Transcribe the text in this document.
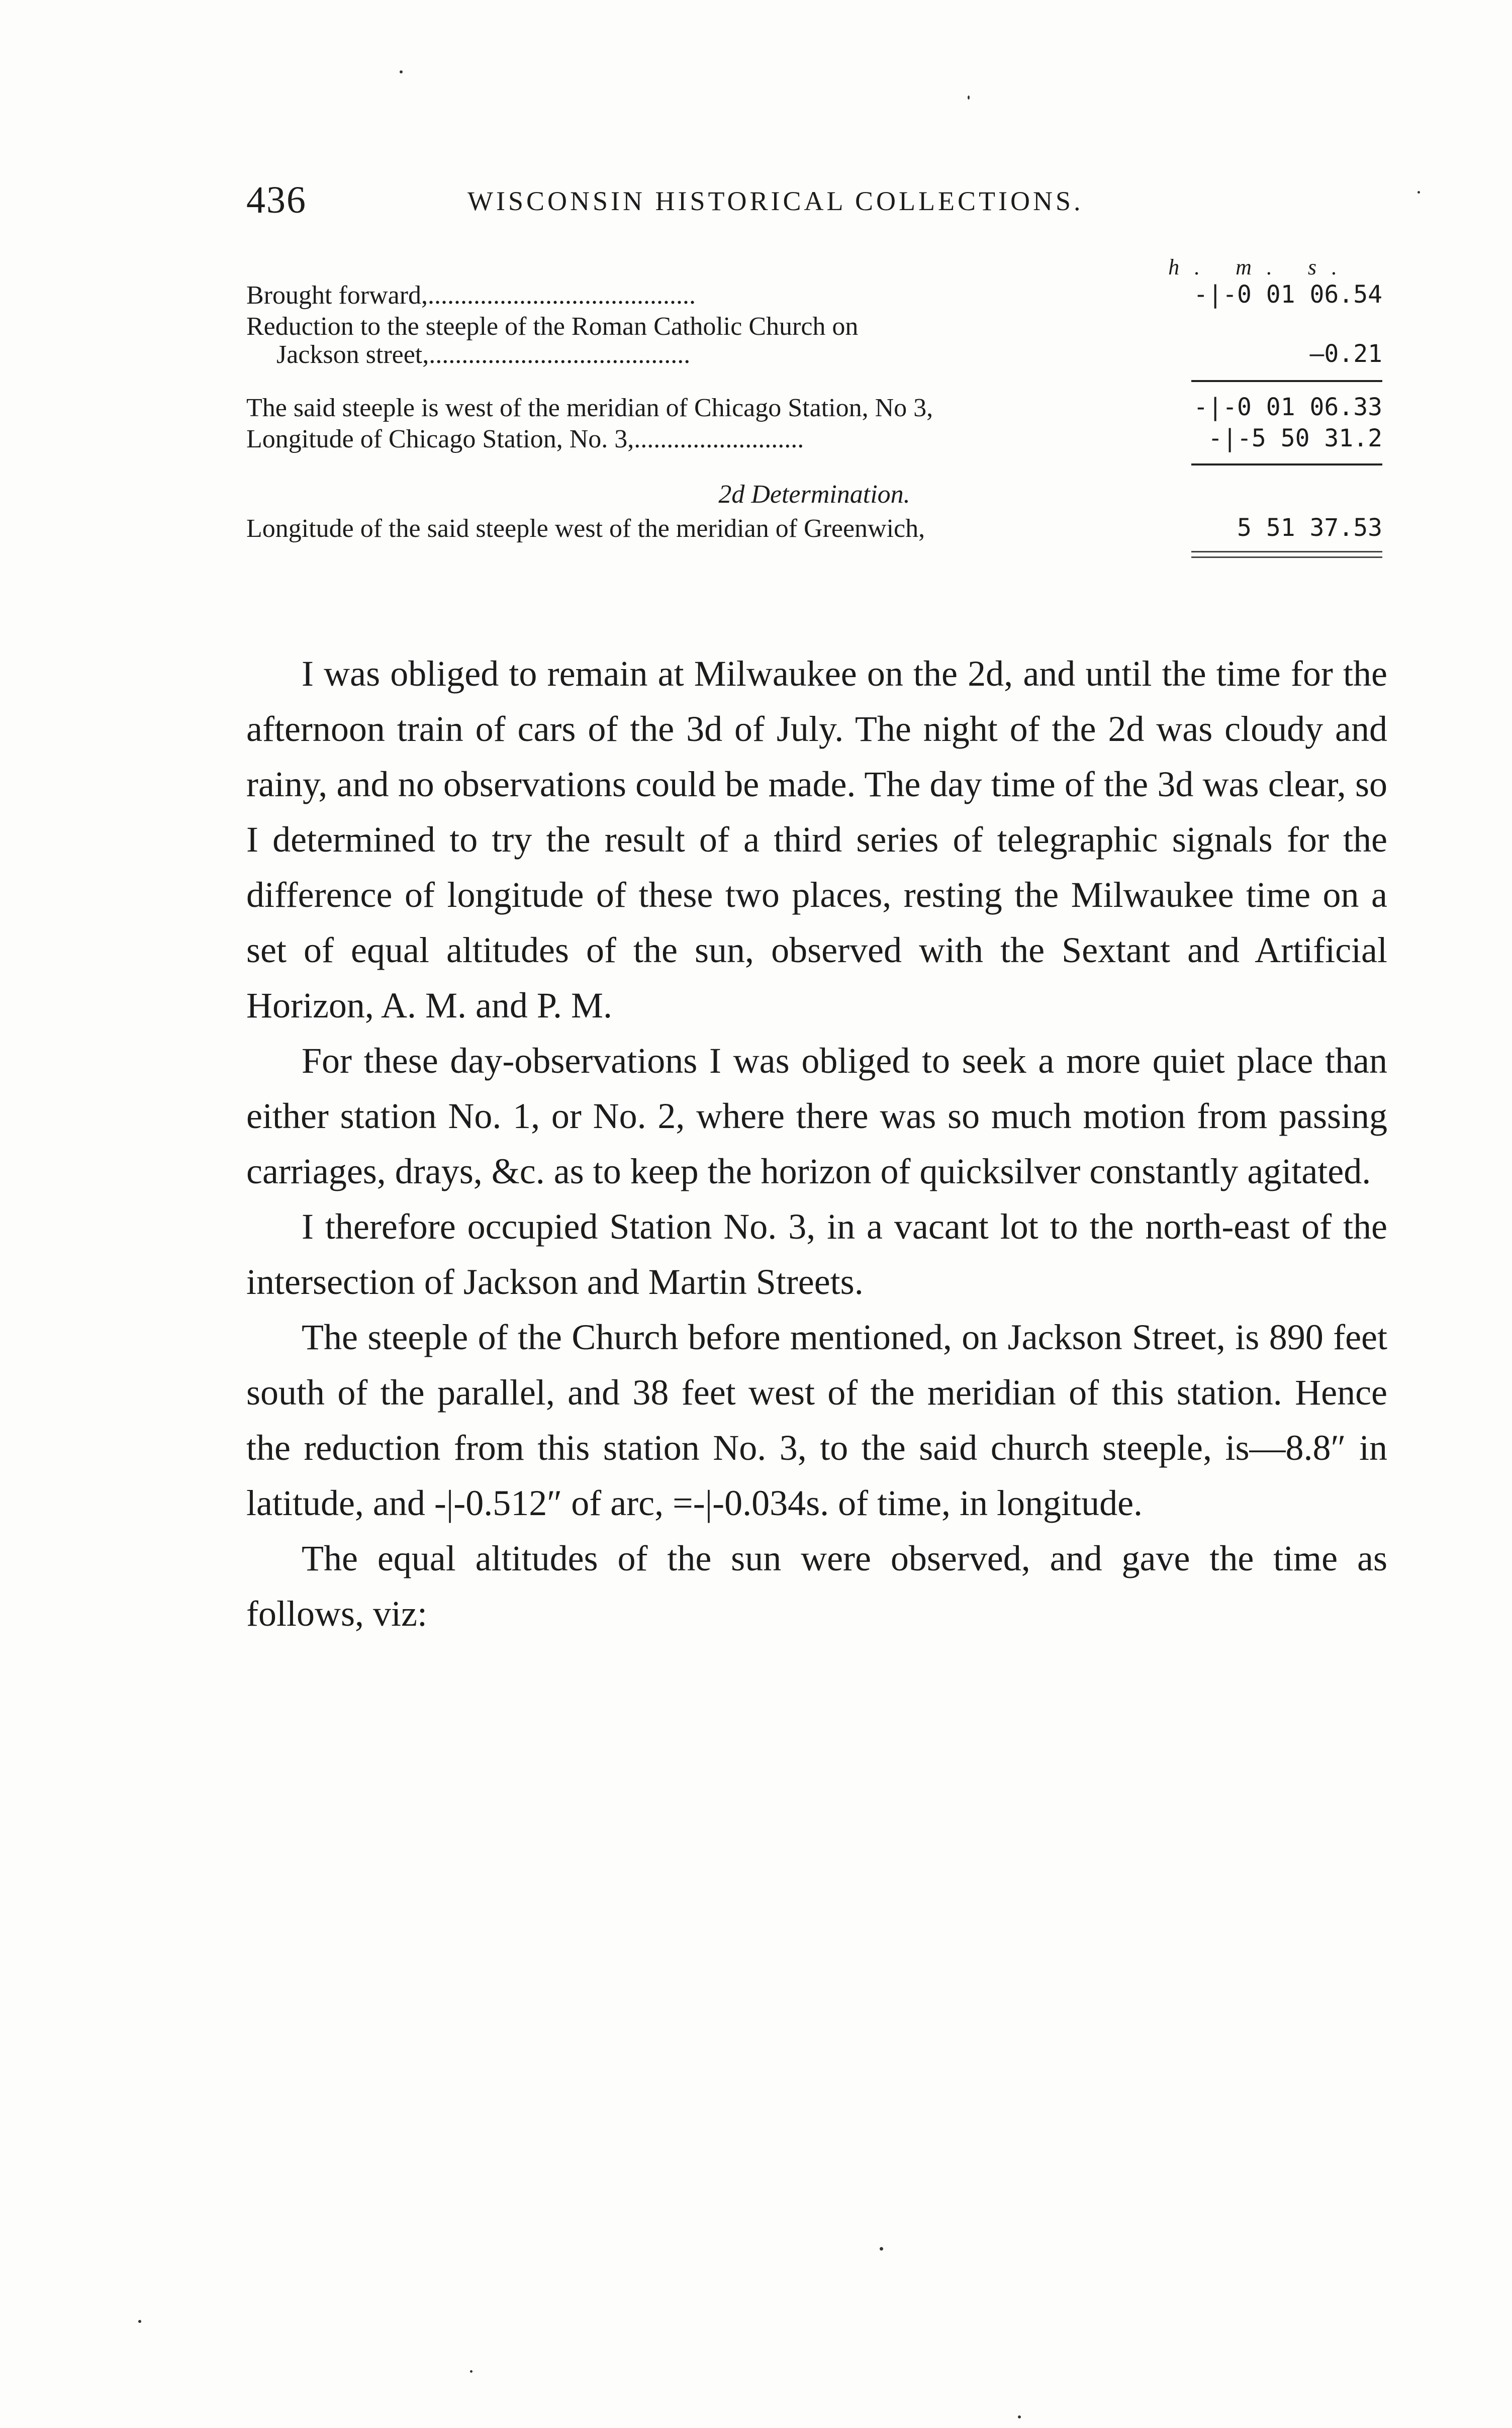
436	WISCONSIN HISTORICAL COLLECTIONS.
h. m. s.
Brought forward,.........................................	-|-0 01 06.54
Reduction to the steeple of the Roman Catholic Church on
Jackson street,........................................	—0.21
The said steeple is west of the meridian of Chicago Station, No 3,	-|-0 01 06.33
Longitude of Chicago Station, No. 3,..........................	-|-5 50 31.2
2d Determination.
Longitude of the said steeple west of the meridian of Greenwich,	5 51 37.53

I was obliged to remain at Milwaukee on the 2d, and until the time for the afternoon train of cars of the 3d of July. The night of the 2d was cloudy and rainy, and no observations could be made. The day time of the 3d was clear, so I determined to try the result of a third series of telegraphic signals for the difference of longitude of these two places, resting the Milwaukee time on a set of equal altitudes of the sun, observed with the Sextant and Artificial Horizon, A. M. and P. M.

For these day-observations I was obliged to seek a more quiet place than either station No. 1, or No. 2, where there was so much motion from passing carriages, drays, &c. as to keep the horizon of quicksilver constantly agitated.

I therefore occupied Station No. 3, in a vacant lot to the north-east of the intersection of Jackson and Martin Streets.

The steeple of the Church before mentioned, on Jackson Street, is 890 feet south of the parallel, and 38 feet west of the meridian of this station. Hence the reduction from this station No. 3, to the said church steeple, is—8.8″ in latitude, and -|-0.512″ of arc, =-|-0.034s. of time, in longitude.

The equal altitudes of the sun were observed, and gave the time as follows, viz:
